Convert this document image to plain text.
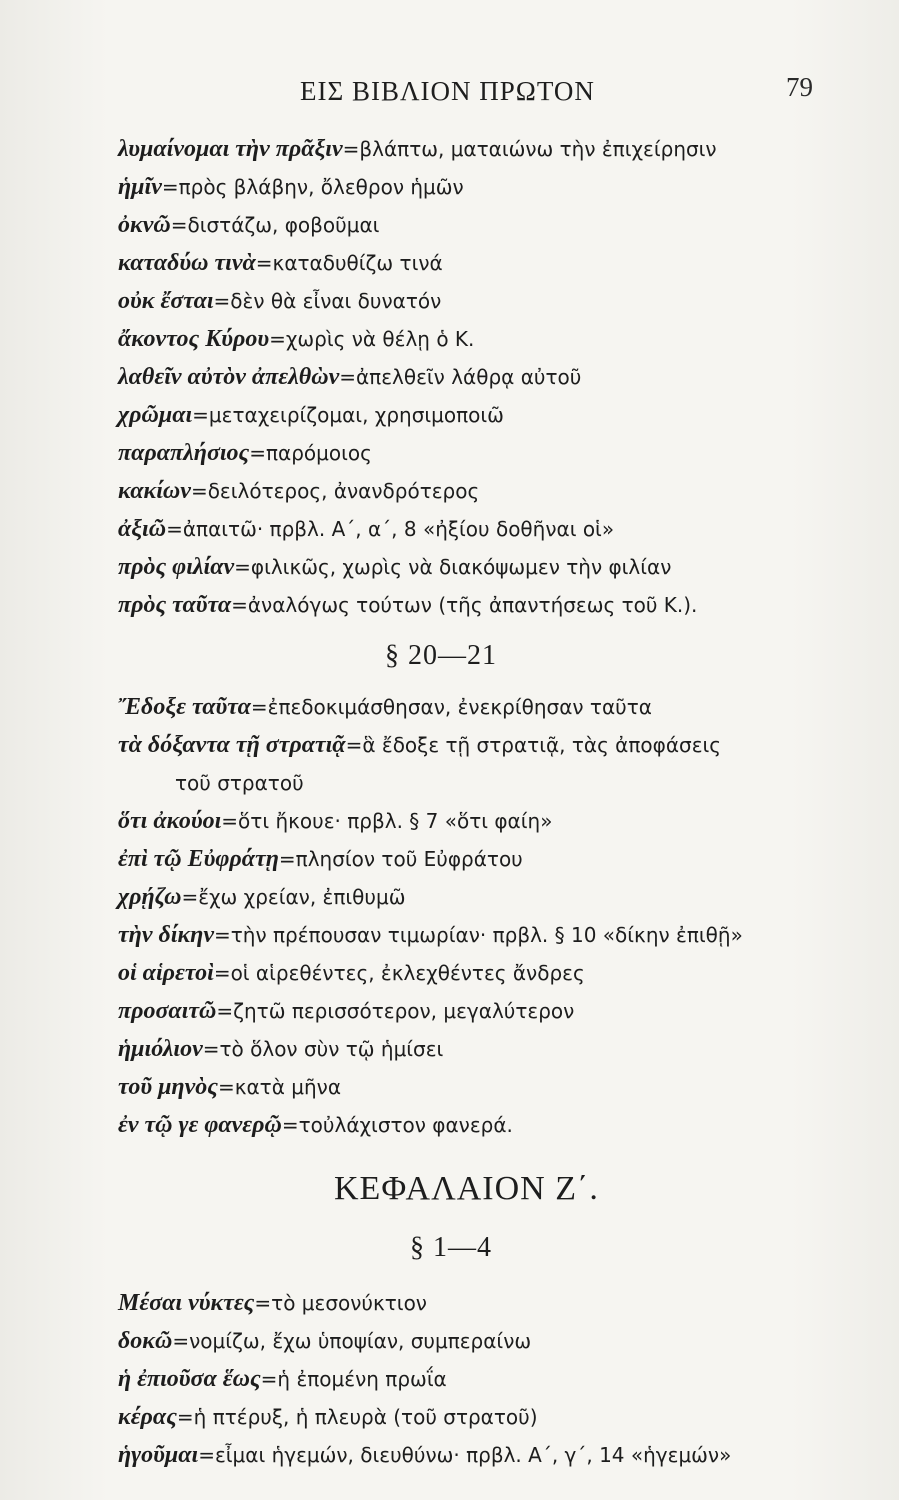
ΕΙΣ ΒΙΒΛΙΟΝ ΠΡΩΤΟΝ	79
λυμαίνομαι τὴν πρᾶξιν=βλάπτω, ματαιώνω τὴν ἐπιχείρησιν
ἡμῖν=πρὸς βλάβην, ὄλεθρον ἡμῶν
ὀκνῶ=διστάζω, φοβοῦμαι
καταδύω τινὰ=καταδυθίζω τινά
οὐκ ἔσται=δὲν θὰ εἶναι δυνατόν
ἄκοντος Κύρου=χωρὶς νὰ θέλῃ ὁ Κ.
λαθεῖν αὐτὸν ἀπελθὼν=ἀπελθεῖν λάθρᾳ αὐτοῦ
χρῶμαι=μεταχειρίζομαι, χρησιμοποιῶ
παραπλήσιος=παρόμοιος
κακίων=δειλότερος, ἀνανδρότερος
ἀξιῶ=ἀπαιτῶ· πρβλ. Α΄, α΄, 8 «ἠξίου δοθῆναι οἱ»
πρὸς φιλίαν=φιλικῶς, χωρὶς νὰ διακόψωμεν τὴν φιλίαν
πρὸς ταῦτα=ἀναλόγως τούτων (τῆς ἀπαντήσεως τοῦ Κ.).
§ 20—21
Ἔδοξε ταῦτα=ἐπεδοκιμάσθησαν, ἐνεκρίθησαν ταῦτα
τὰ δόξαντα τῇ στρατιᾷ=ἃ ἔδοξε τῇ στρατιᾷ, τὰς ἀποφάσεις
τοῦ στρατοῦ
ὅτι ἀκούοι=ὅτι ἤκουε· πρβλ. § 7 «ὅτι φαίη»
ἐπὶ τῷ Εὐφράτῃ=πλησίον τοῦ Εὐφράτου
χρῄζω=ἔχω χρείαν, ἐπιθυμῶ
τὴν δίκην=τὴν πρέπουσαν τιμωρίαν· πρβλ. § 10 «δίκην ἐπιθῇ»
οἱ αἱρετοὶ=οἱ αἱρεθέντες, ἐκλεχθέντες ἄνδρες
προσαιτῶ=ζητῶ περισσότερον, μεγαλύτερον
ἡμιόλιον=τὸ ὅλον σὺν τῷ ἡμίσει
τοῦ μηνὸς=κατὰ μῆνα
ἐν τῷ γε φανερῷ=τοὐλάχιστον φανερά.
ΚΕΦΑΛΑΙΟΝ Ζ΄.
§ 1—4
Μέσαι νύκτες=τὸ μεσονύκτιον
δοκῶ=νομίζω, ἔχω ὑποψίαν, συμπεραίνω
ἡ ἐπιοῦσα ἕως=ἡ ἐπομένη πρωΐα
κέρας=ἡ πτέρυξ, ἡ πλευρὰ (τοῦ στρατοῦ)
ἡγοῦμαι=εἶμαι ἡγεμών, διευθύνω· πρβλ. Α΄, γ΄, 14 «ἡγεμών»
